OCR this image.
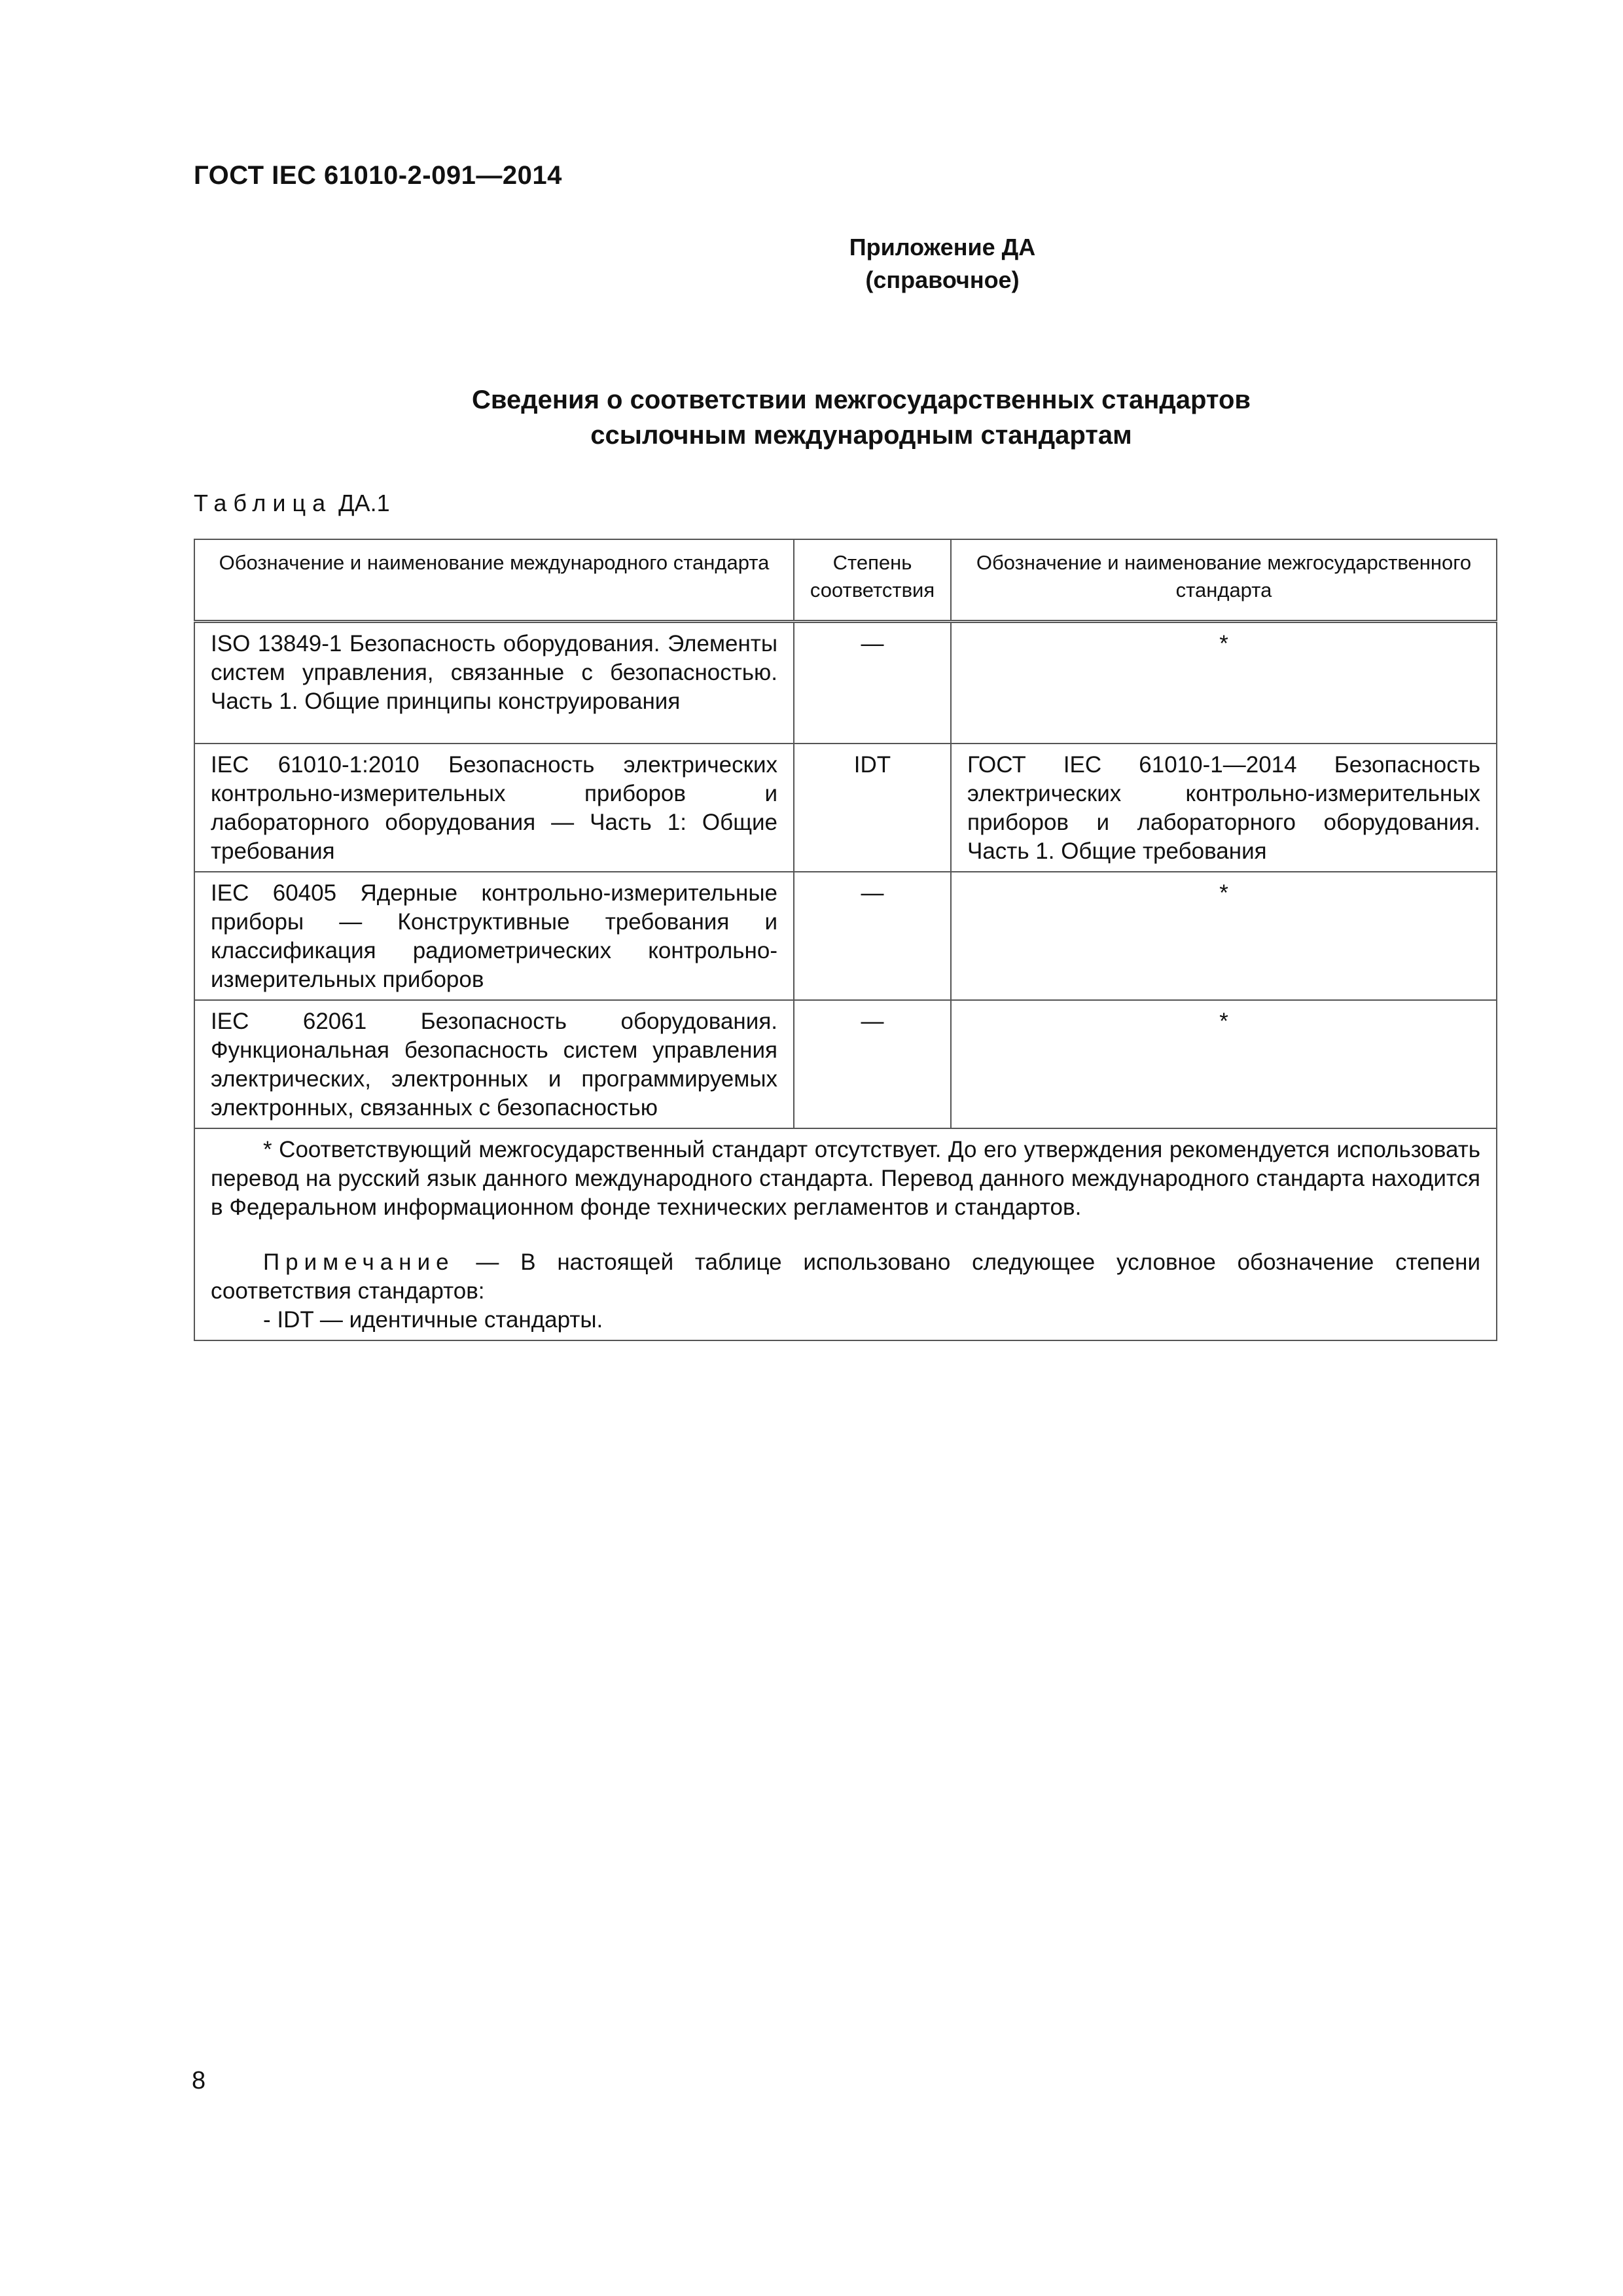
ГОСТ IEC 61010-2-091—2014
Приложение ДА
(справочное)
Сведения о соответствии межгосударственных стандартов
ссылочным международным стандартам
Таблица ДА.1
Обозначение и наименование международного стандарта	Степень соответствия	Обозначение и наименование межгосударственного стандарта
ISO 13849-1 Безопасность оборудования. Элементы систем управления, связанные с безопасностью. Часть 1. Общие принципы конструирования	—	*
IEC 61010-1:2010 Безопасность электрических контрольно-измерительных приборов и лабораторного оборудования — Часть 1: Общие требования	IDT	ГОСТ IEC 61010-1—2014 Безопасность электрических контрольно-измерительных приборов и лабораторного оборудования. Часть 1. Общие требования
IEC 60405 Ядерные контрольно-измерительные приборы — Конструктивные требования и классификация радиометрических контрольно-измерительных приборов	—	*
IEC 62061 Безопасность оборудования. Функциональная безопасность систем управления электрических, электронных и программируемых электронных, связанных с безопасностью	—	*

* Соответствующий межгосударственный стандарт отсутствует. До его утверждения рекомендуется использовать перевод на русский язык данного международного стандарта. Перевод данного международного стандарта находится в Федеральном информационном фонде технических регламентов и стандартов.

Примечание — В настоящей таблице использовано следующее условное обозначение степени соответствия стандартов:

- IDT — идентичные стандарты.		

8
